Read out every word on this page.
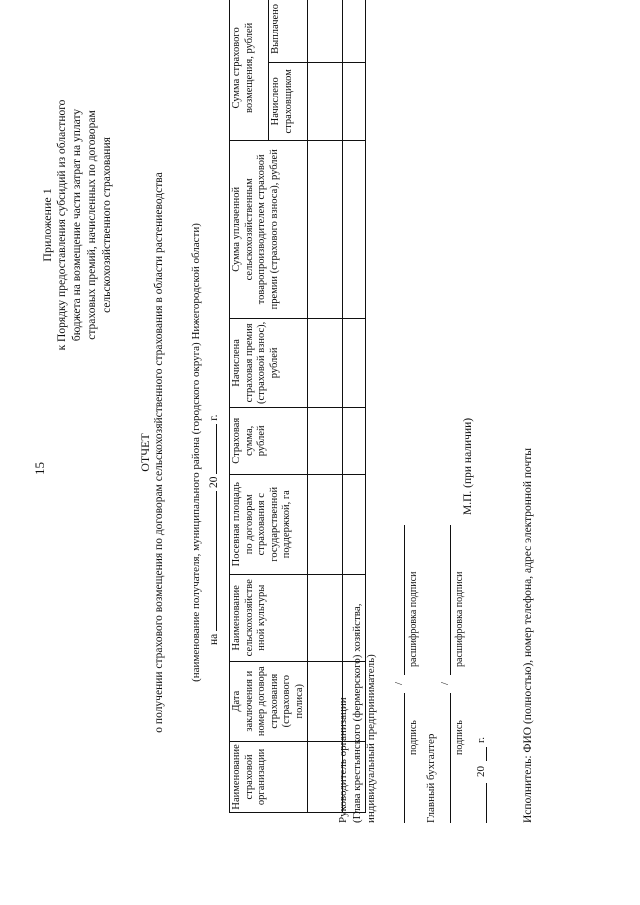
15
Приложение 1 к Порядку предоставления субсидий из областного бюджета на возмещение части затрат на уплату страховых премий, начисленных по договорам сельскохозяйственного страхования
ОТЧЕТ о получении страхового возмещения по договорам сельскохозяйственного страхования в области растениеводства (наименование получателя, муниципального района (городского округа) Нижегородской области) на  20  г.
Наименование страховой организации	Дата заключения и номер договора страхования (страхового полиса)	Наименование сельскохозяйстве нной культуры	Посевная площадь по договорам страхования с государственной поддержкой, га	Страховая сумма, рублей	Начислена страховая премия (страховой взнос), рублей	Сумма уплаченной сельскохозяйственным товаропроизводителем страховой премии (страхового взноса), рублей	Сумма страхового возмещения, рублей	
							Начислено страховщиком	Выплачено

Руководитель организации (Глава крестьянского (фермерского) хозяйства, индивидуальный предприниматель) /
подпись
расшифровка подписи
Главный бухгалтер
/
подпись
расшифровка подписи
М.П. (при наличии)
20
г.	Исполнитель: ФИО (полностью), номер телефона, адрес электронной почты
